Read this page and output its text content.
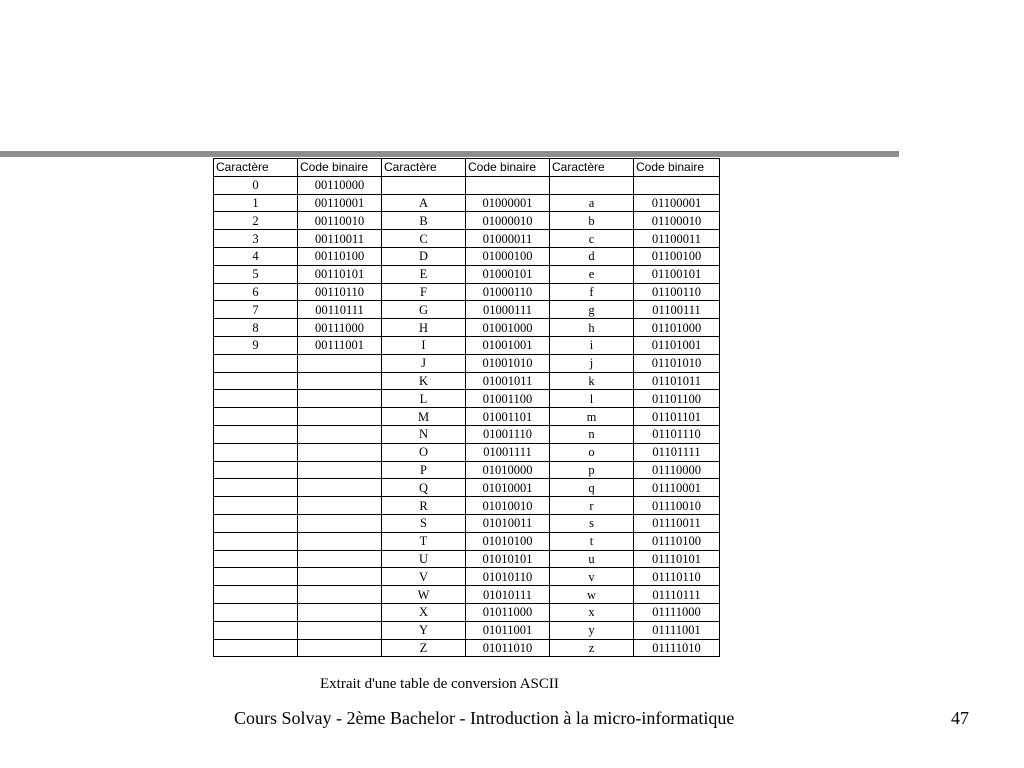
Caractère	Code binaire	Caractère	Code binaire	Caractère	Code binaire
0	00110000				
1	00110001	A	01000001	a	01100001
2	00110010	B	01000010	b	01100010
3	00110011	C	01000011	c	01100011
4	00110100	D	01000100	d	01100100
5	00110101	E	01000101	e	01100101
6	00110110	F	01000110	f	01100110
7	00110111	G	01000111	g	01100111
8	00111000	H	01001000	h	01101000
9	00111001	I	01001001	i	01101001
		J	01001010	j	01101010
		K	01001011	k	01101011
		L	01001100	l	01101100
		M	01001101	m	01101101
		N	01001110	n	01101110
		O	01001111	o	01101111
		P	01010000	p	01110000
		Q	01010001	q	01110001
		R	01010010	r	01110010
		S	01010011	s	01110011
		T	01010100	t	01110100
		U	01010101	u	01110101
		V	01010110	v	01110110
		W	01010111	w	01110111
		X	01011000	x	01111000
		Y	01011001	y	01111001
		Z	01011010	z	01111010
Extrait d'une table de conversion ASCII
Cours Solvay - 2ème Bachelor - Introduction à la micro-informatique	47
